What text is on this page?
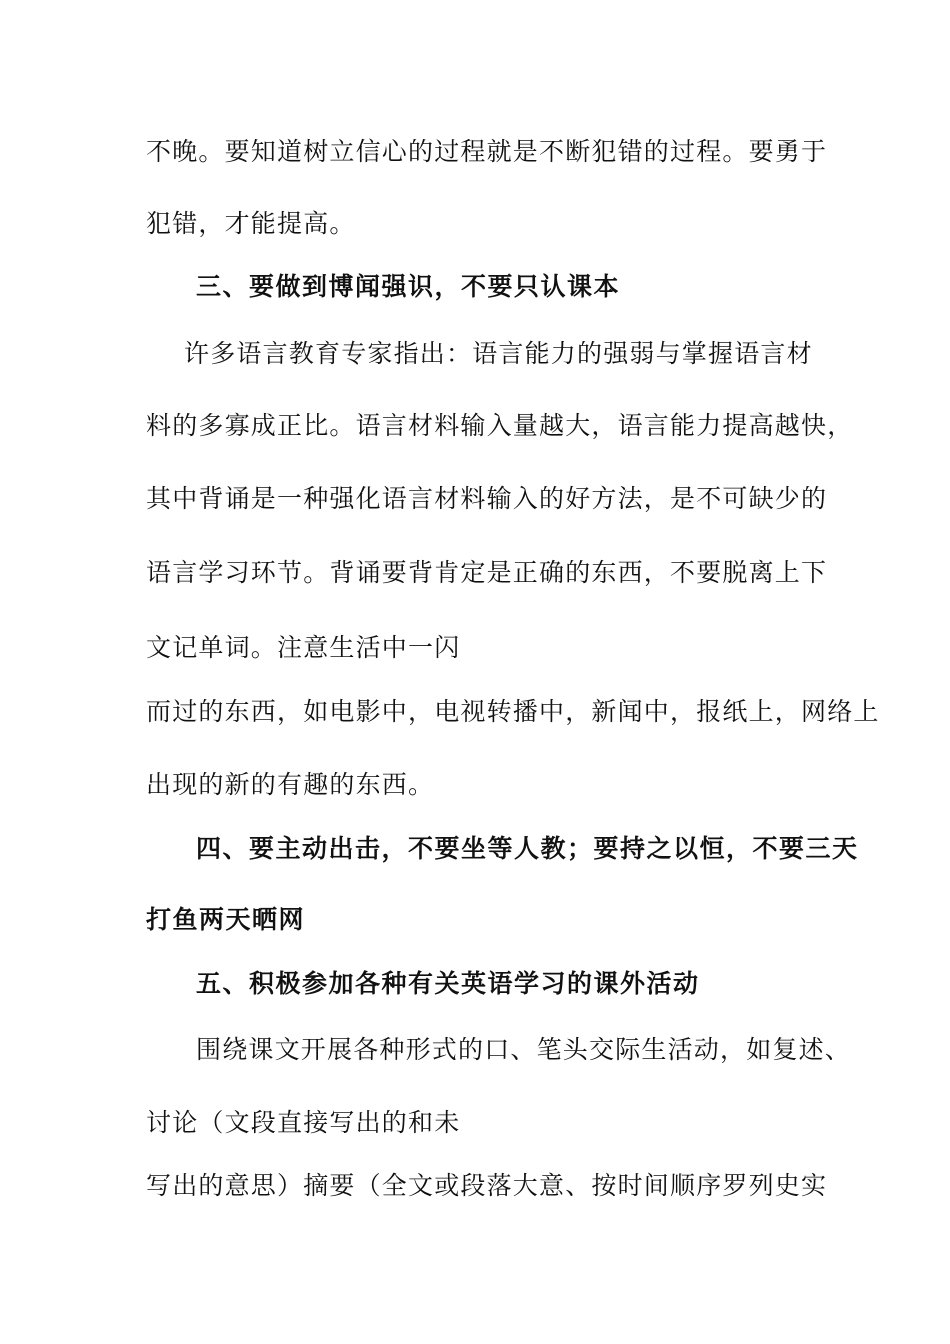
不晚。要知道树立信心的过程就是不断犯错的过程。要勇于
犯错，才能提高。
三、要做到博闻强识，不要只认课本
许多语言教育专家指出：语言能力的强弱与掌握语言材
料的多寡成正比。语言材料输入量越大，语言能力提高越快，
其中背诵是一种强化语言材料输入的好方法，是不可缺少的
语言学习环节。背诵要背肯定是正确的东西，不要脱离上下
文记单词。注意生活中一闪
而过的东西，如电影中，电视转播中，新闻中，报纸上，网络上
出现的新的有趣的东西。
四、要主动出击，不要坐等人教；要持之以恒，不要三天
打鱼两天晒网
五、积极参加各种有关英语学习的课外活动
围绕课文开展各种形式的口、笔头交际生活动，如复述、
讨论（文段直接写出的和未
写出的意思）摘要（全文或段落大意、按时间顺序罗列史实
